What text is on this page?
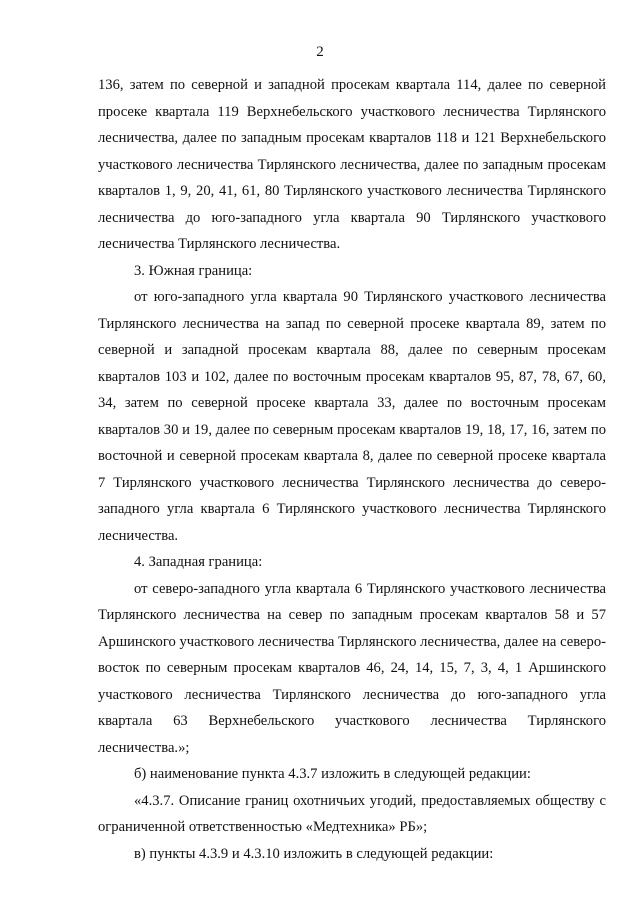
2

136, затем по северной и западной просекам квартала 114, далее по северной просеке квартала 119 Верхнебельского участкового лесничества Тирлянского лесничества, далее по западным просекам кварталов 118 и 121 Верхнебельского участкового лесничества Тирлянского лесничества, далее по западным просекам кварталов 1, 9, 20, 41, 61, 80 Тирлянского участкового лесничества Тирлянского лесничества до юго-западного угла квартала 90 Тирлянского участкового лесничества Тирлянского лесничества.

3. Южная граница:

от юго-западного угла квартала 90 Тирлянского участкового лесничества Тирлянского лесничества на запад по северной просеке квартала 89, затем по северной и западной просекам квартала 88, далее по северным просекам кварталов 103 и 102, далее по восточным просекам кварталов 95, 87, 78, 67, 60, 34, затем по северной просеке квартала 33, далее по восточным просекам кварталов 30 и 19, далее по северным просекам кварталов 19, 18, 17, 16, затем по восточной и северной просекам квартала 8, далее по северной просеке квартала 7 Тирлянского участкового лесничества Тирлянского лесничества до северо-западного угла квартала 6 Тирлянского участкового лесничества Тирлянского лесничества.

4. Западная граница:

от северо-западного угла квартала 6 Тирлянского участкового лесничества Тирлянского лесничества на север по западным просекам кварталов 58 и 57 Аршинского участкового лесничества Тирлянского лесничества, далее на северо-восток по северным просекам кварталов 46, 24, 14, 15, 7, 3, 4, 1 Аршинского участкового лесничества Тирлянского лесничества до юго-западного угла квартала 63 Верхнебельского участкового лесничества Тирлянского лесничества.»;

б) наименование пункта 4.3.7 изложить в следующей редакции:

«4.3.7. Описание границ охотничьих угодий, предоставляемых обществу с ограниченной ответственностью «Медтехника» РБ»;

в) пункты 4.3.9 и 4.3.10 изложить в следующей редакции:
